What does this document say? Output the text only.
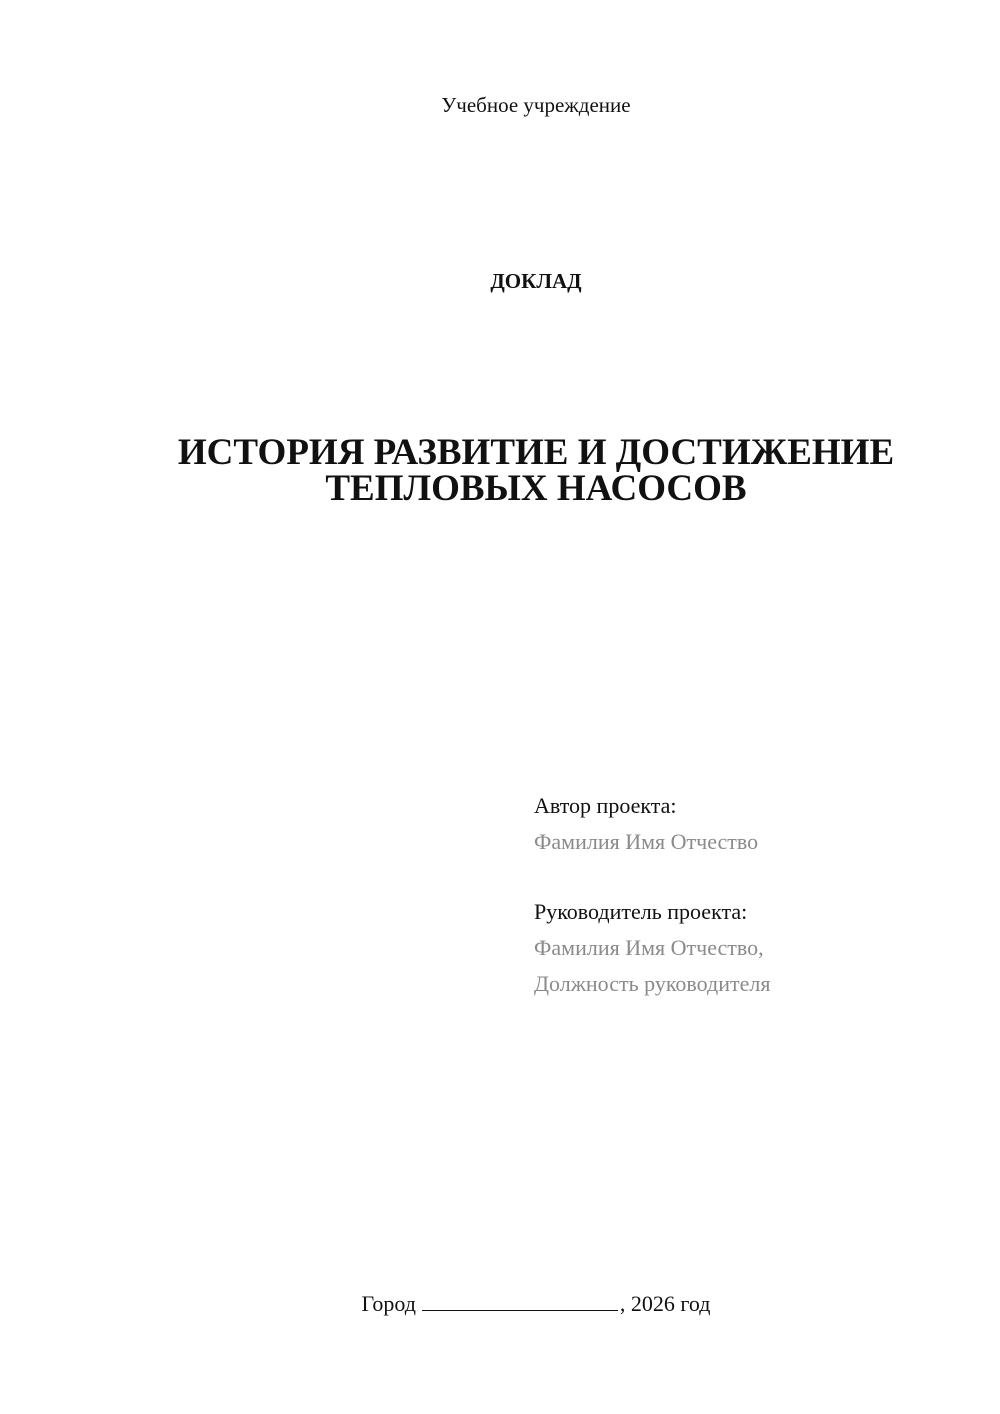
Учебное учреждение
ДОКЛАД
ИСТОРИЯ РАЗВИТИЕ И ДОСТИЖЕНИЕ
ТЕПЛОВЫХ НАСОСОВ
Автор проекта:
Фамилия Имя Отчество
Руководитель проекта:
Фамилия Имя Отчество,
Должность руководителя
Город	, 2026 год
